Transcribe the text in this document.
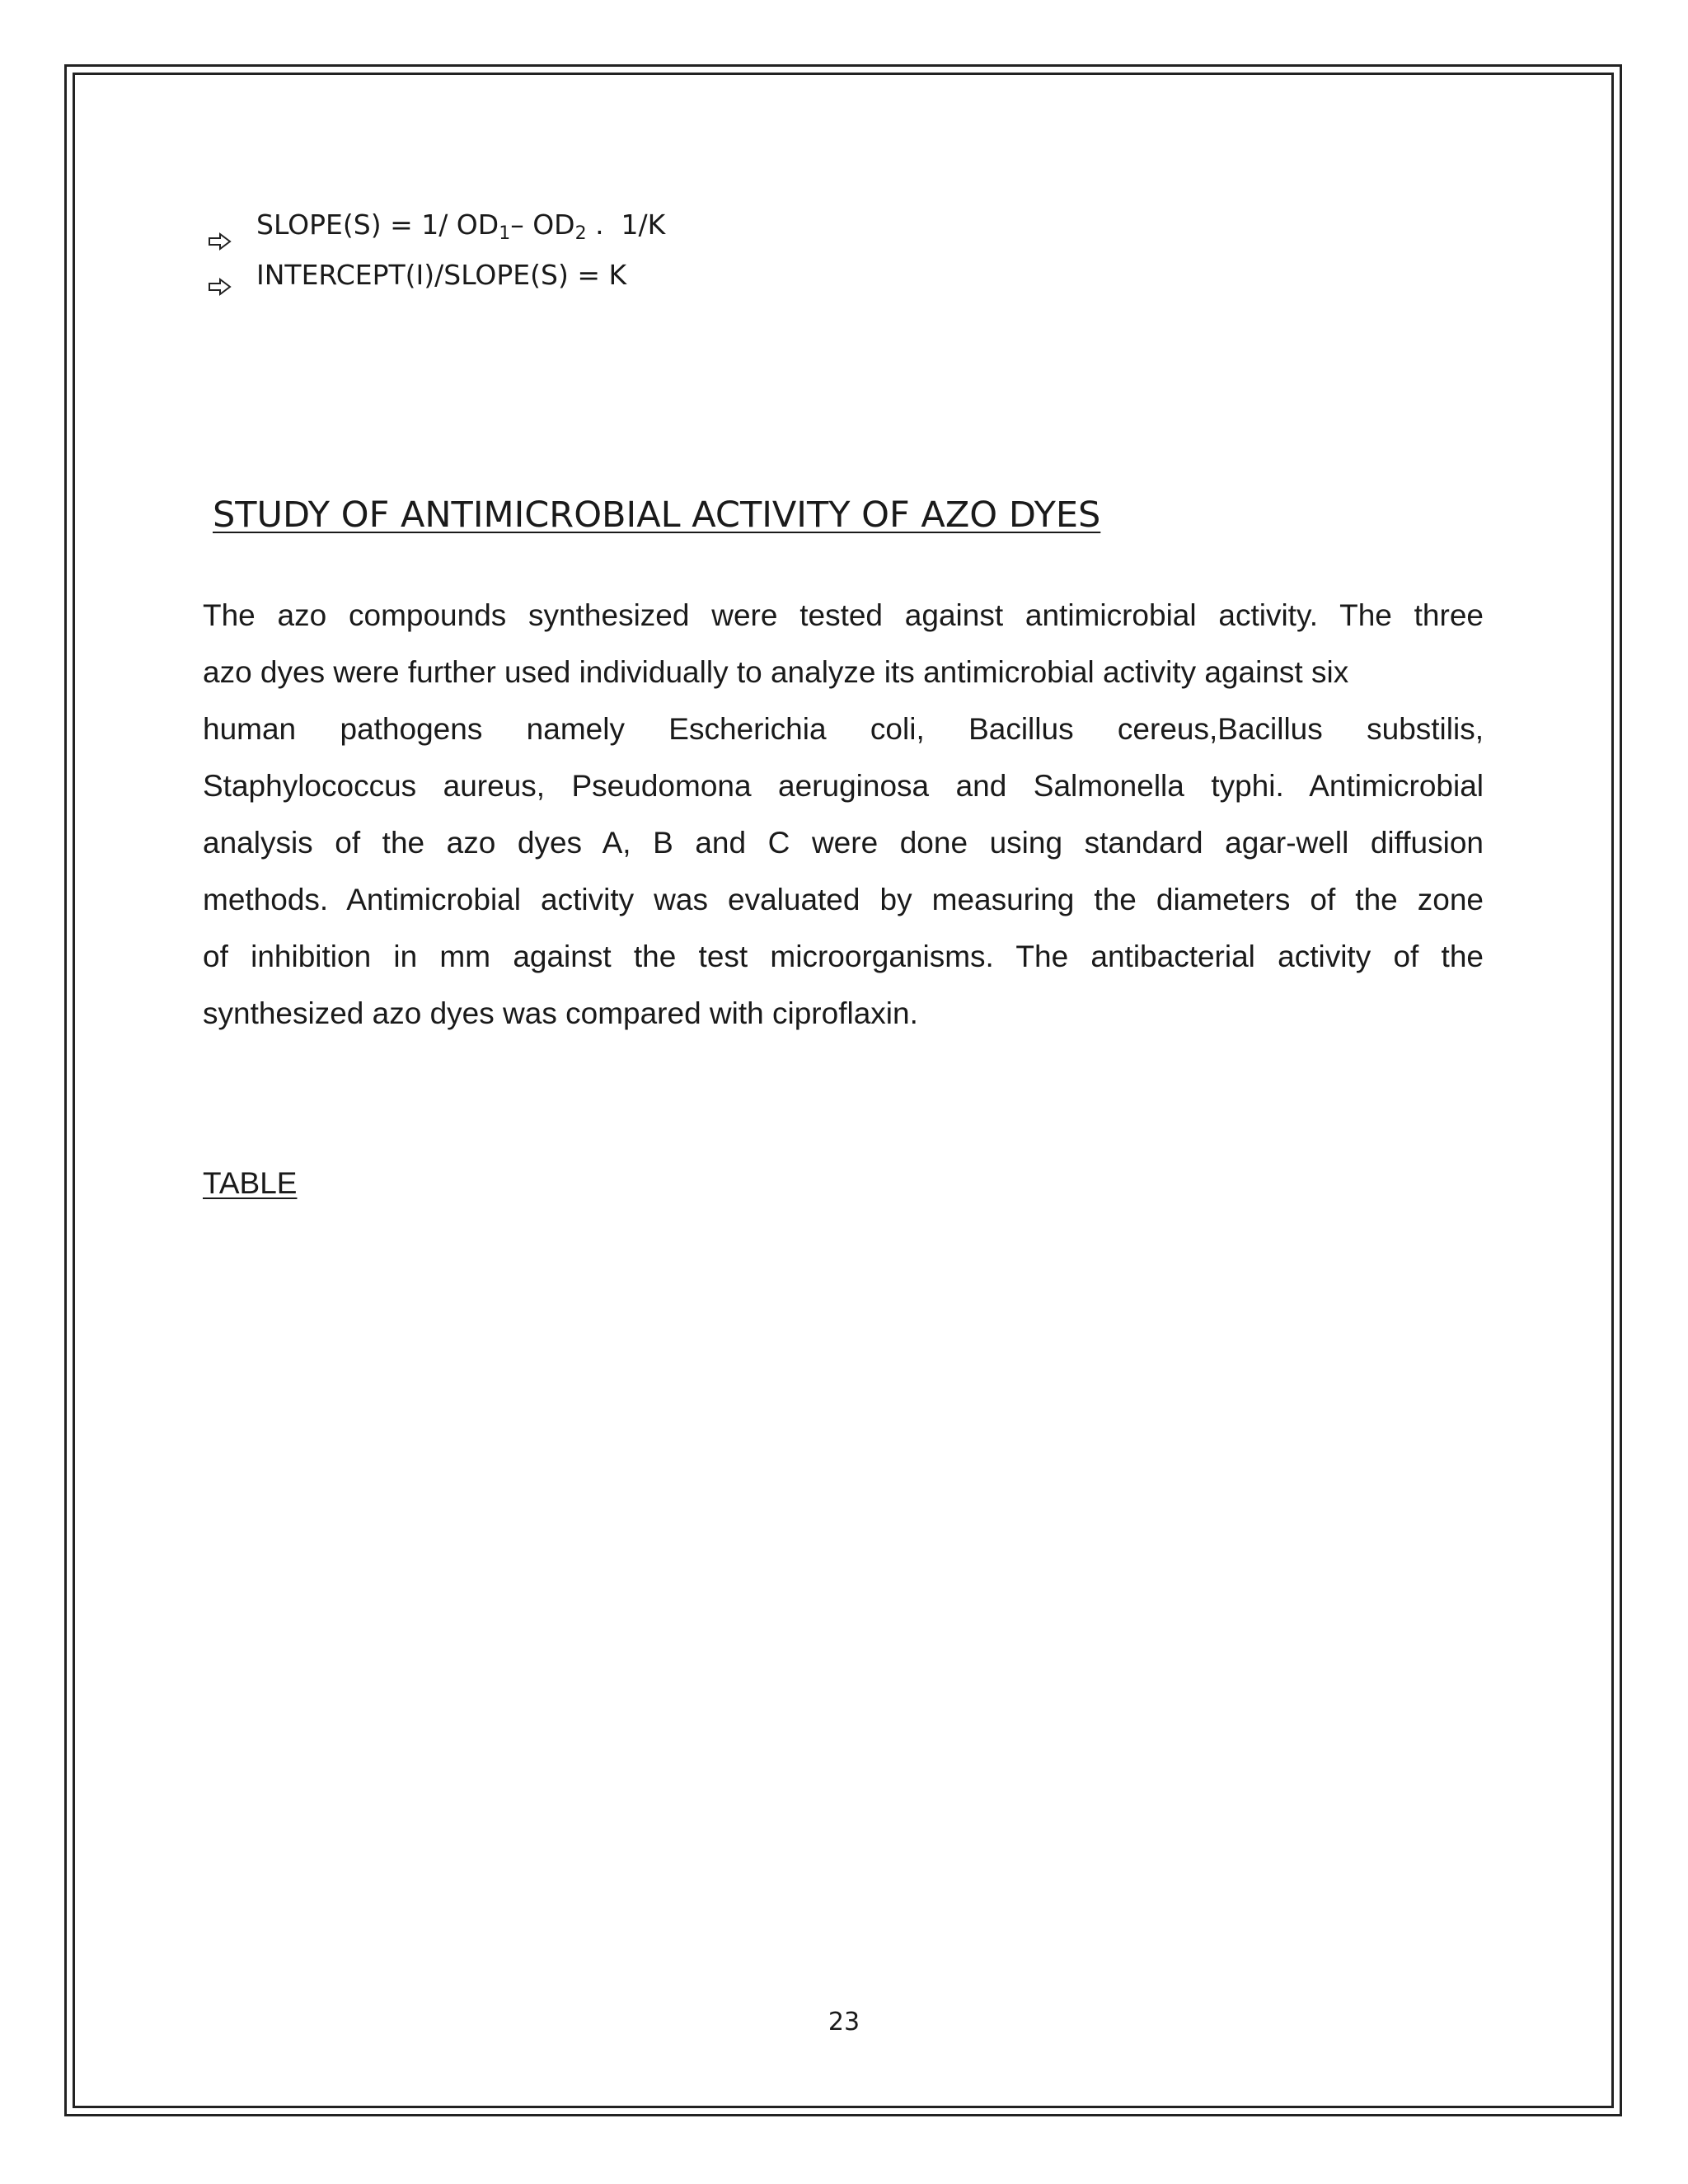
SLOPE(S) = 1/ $OD_1-$ $OD_2$ .  1/K
INTERCEPT(I)/SLOPE(S) = K
STUDY OF ANTIMICROBIAL ACTIVITY OF AZO DYES
The azo compounds synthesized were tested against antimicrobial activity. The three
azo dyes were further used individually to analyze its antimicrobial activity against six
human pathogens namely Escherichia coli, Bacillus cereus,Bacillus substilis,
Staphylococcus aureus, Pseudomona aeruginosa and Salmonella typhi. Antimicrobial
analysis of the azo dyes A, B and C were done using standard agar-well diffusion
methods. Antimicrobial activity was evaluated by measuring the diameters of the zone
of inhibition in mm against the test microorganisms. The antibacterial activity of the
synthesized azo dyes was compared with ciproflaxin.

TABLE

23
